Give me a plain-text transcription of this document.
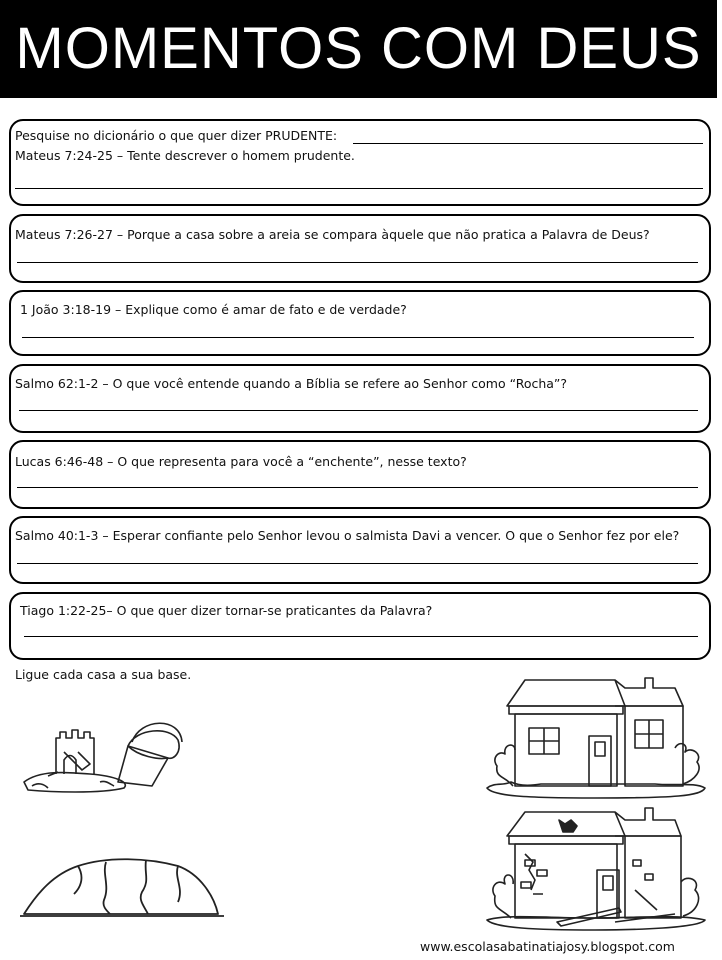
MOMENTOS COM DEUS
Pesquise no dicionário o que quer dizer PRUDENTE:
Mateus 7:24-25 – Tente descrever o homem prudente.
Mateus 7:26-27 – Porque a casa sobre a areia se compara àquele que não pratica a Palavra de Deus?
1 João 3:18-19 – Explique como é amar de fato e de verdade?
Salmo 62:1-2 – O que você entende quando a Bíblia se refere ao Senhor como “Rocha”?
Lucas 6:46-48 – O que representa para você a “enchente”, nesse texto?
Salmo 40:1-3 – Esperar confiante pelo Senhor levou o salmista Davi a vencer. O que o Senhor fez por ele?
Tiago 1:22-25– O que quer dizer tornar-se praticantes da Palavra?
Ligue cada casa a sua base.
www.escolasabatinatiajosy.blogspot.com
